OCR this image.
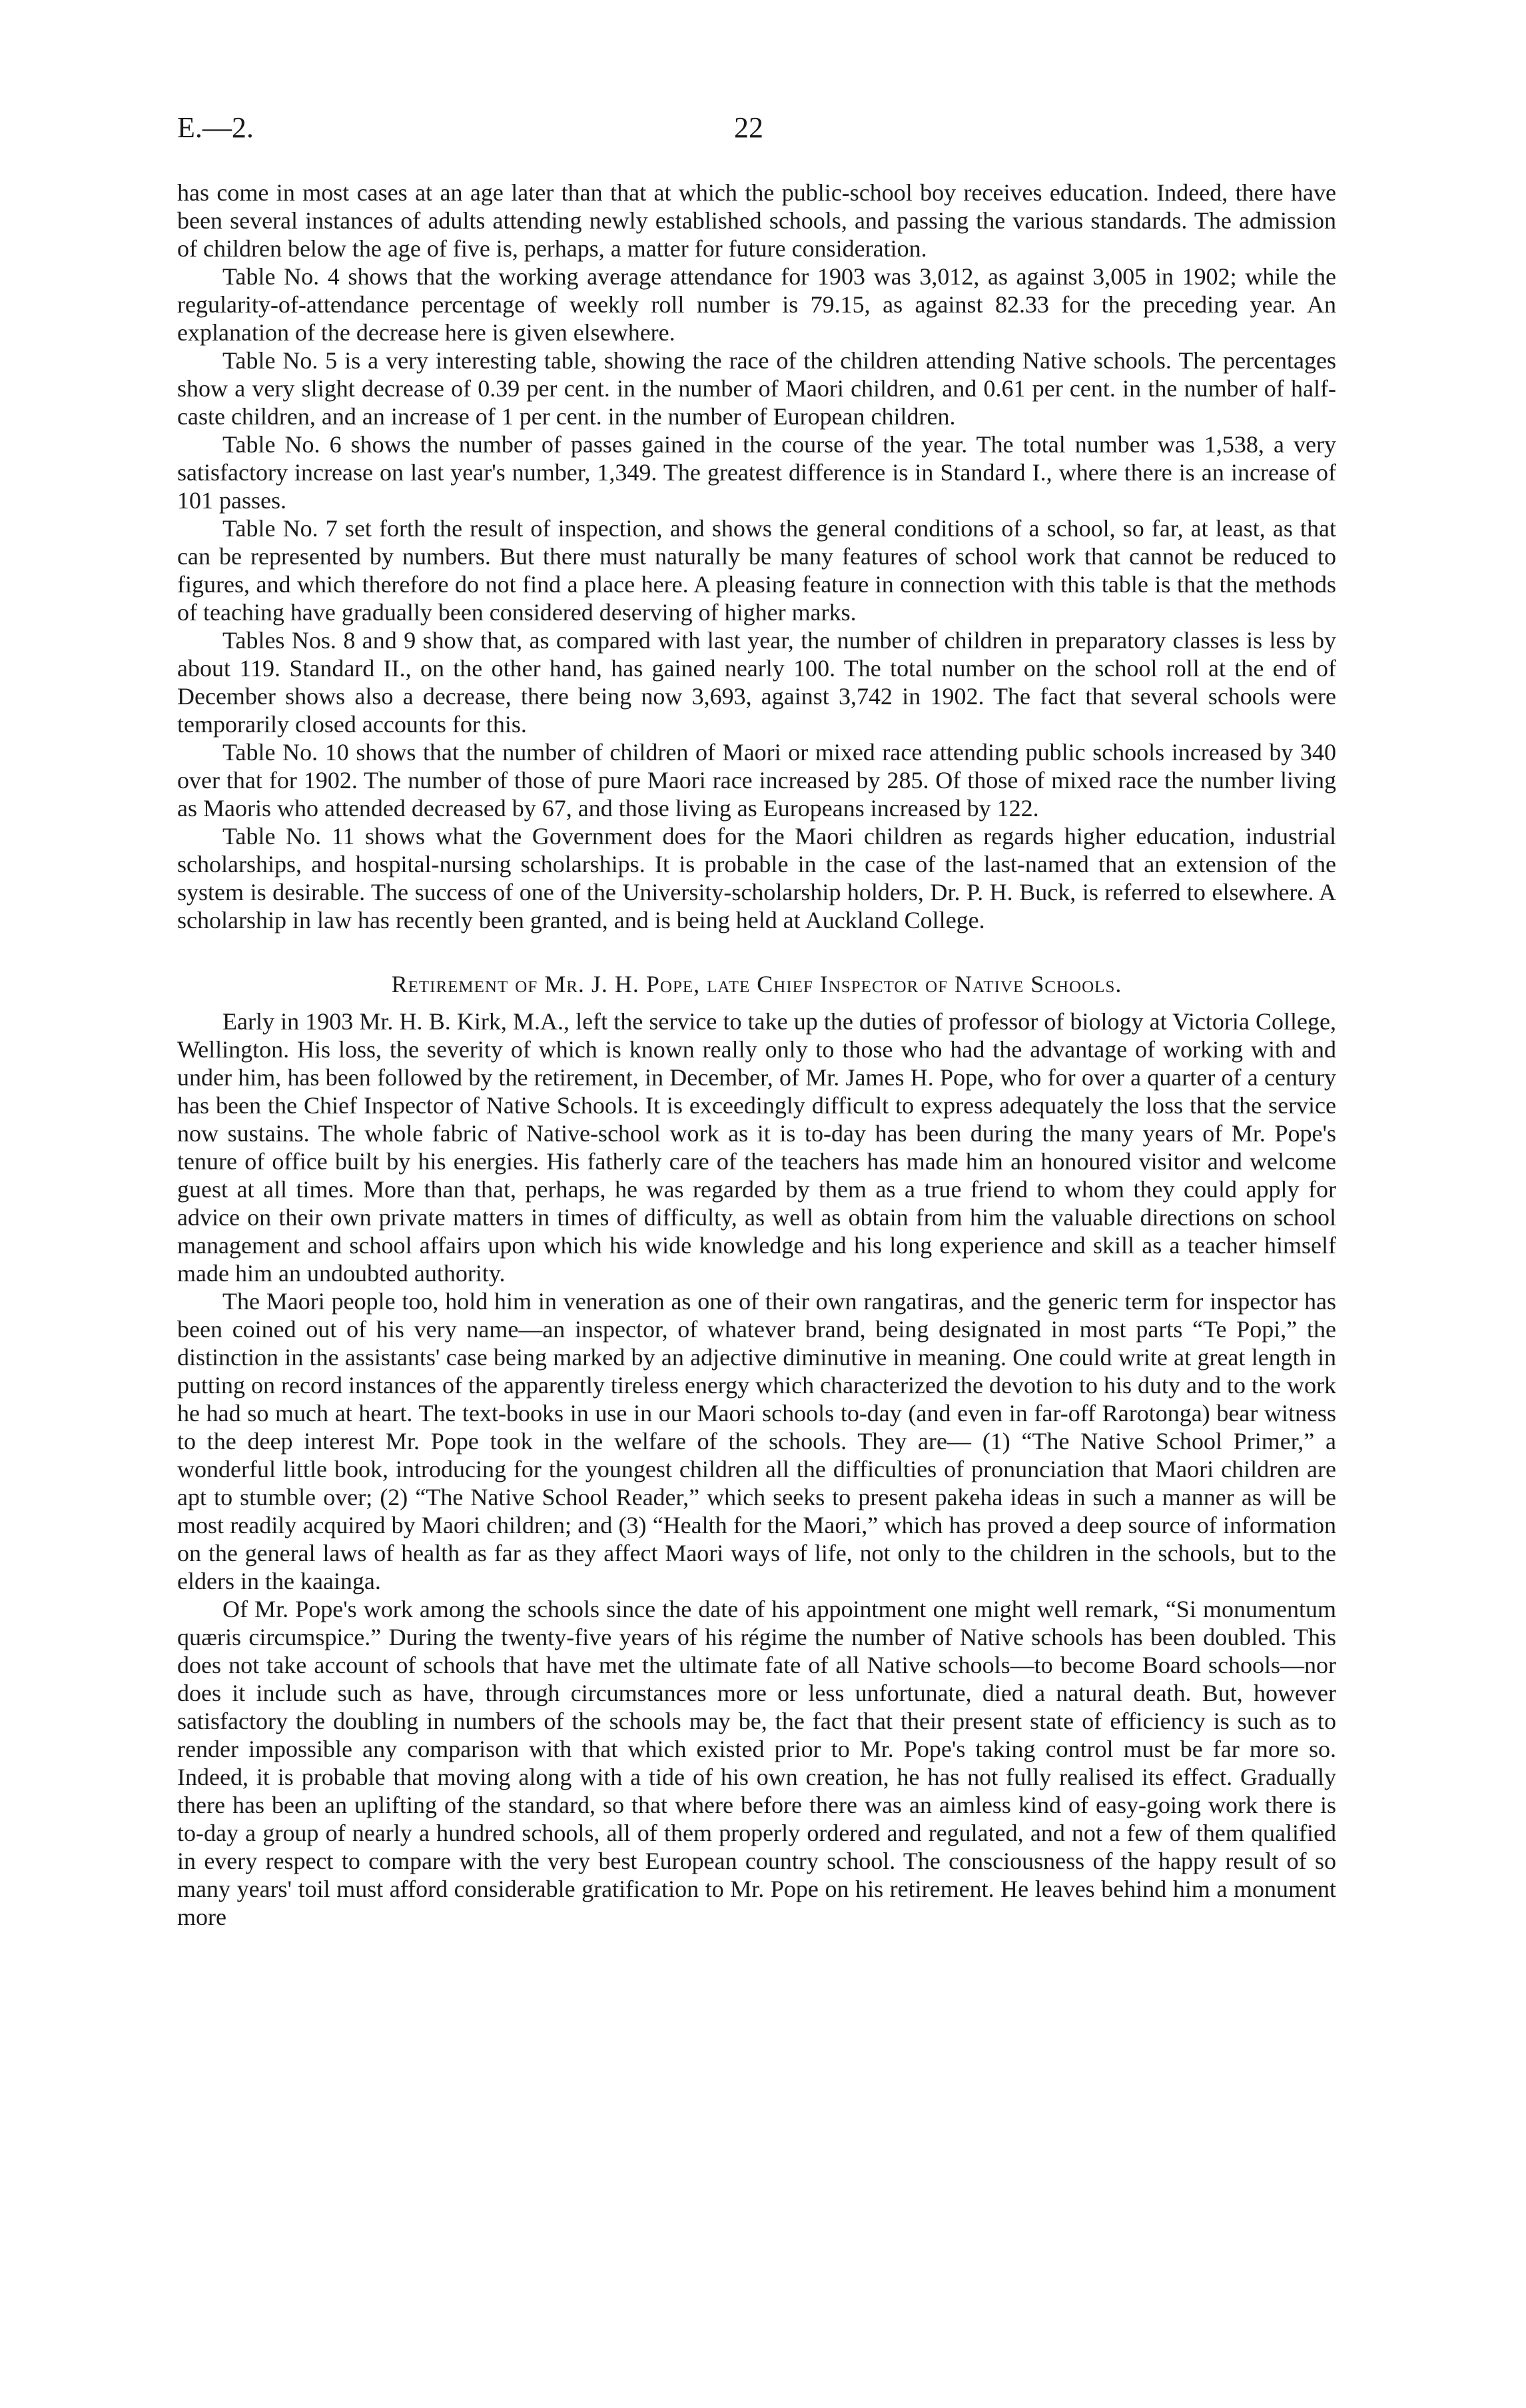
E.—2.	22

has come in most cases at an age later than that at which the public-school boy receives education. Indeed, there have been several instances of adults attending newly established schools, and passing the various standards. The admission of children below the age of five is, perhaps, a matter for future consideration.

Table No. 4 shows that the working average attendance for 1903 was 3,012, as against 3,005 in 1902; while the regularity-of-attendance percentage of weekly roll number is 79.15, as against 82.33 for the preceding year. An explanation of the decrease here is given elsewhere.

Table No. 5 is a very interesting table, showing the race of the children attending Native schools. The percentages show a very slight decrease of 0.39 per cent. in the number of Maori children, and 0.61 per cent. in the number of half-caste children, and an increase of 1 per cent. in the number of European children.

Table No. 6 shows the number of passes gained in the course of the year. The total number was 1,538, a very satisfactory increase on last year's number, 1,349. The greatest difference is in Standard I., where there is an increase of 101 passes.

Table No. 7 set forth the result of inspection, and shows the general conditions of a school, so far, at least, as that can be represented by numbers. But there must naturally be many features of school work that cannot be reduced to figures, and which therefore do not find a place here. A pleasing feature in connection with this table is that the methods of teaching have gradually been considered deserving of higher marks.

Tables Nos. 8 and 9 show that, as compared with last year, the number of children in preparatory classes is less by about 119. Standard II., on the other hand, has gained nearly 100. The total number on the school roll at the end of December shows also a decrease, there being now 3,693, against 3,742 in 1902. The fact that several schools were temporarily closed accounts for this.

Table No. 10 shows that the number of children of Maori or mixed race attending public schools increased by 340 over that for 1902. The number of those of pure Maori race increased by 285. Of those of mixed race the number living as Maoris who attended decreased by 67, and those living as Europeans increased by 122.

Table No. 11 shows what the Government does for the Maori children as regards higher education, industrial scholarships, and hospital-nursing scholarships. It is probable in the case of the last-named that an extension of the system is desirable. The success of one of the University-scholarship holders, Dr. P. H. Buck, is referred to elsewhere. A scholarship in law has recently been granted, and is being held at Auckland College.

Retirement of Mr. J. H. Pope, late Chief Inspector of Native Schools.

Early in 1903 Mr. H. B. Kirk, M.A., left the service to take up the duties of professor of biology at Victoria College, Wellington. His loss, the severity of which is known really only to those who had the advantage of working with and under him, has been followed by the retirement, in December, of Mr. James H. Pope, who for over a quarter of a century has been the Chief Inspector of Native Schools. It is exceedingly difficult to express adequately the loss that the service now sustains. The whole fabric of Native-school work as it is to-day has been during the many years of Mr. Pope's tenure of office built by his energies. His fatherly care of the teachers has made him an honoured visitor and welcome guest at all times. More than that, perhaps, he was regarded by them as a true friend to whom they could apply for advice on their own private matters in times of difficulty, as well as obtain from him the valuable directions on school management and school affairs upon which his wide knowledge and his long experience and skill as a teacher himself made him an undoubted authority.

The Maori people too, hold him in veneration as one of their own rangatiras, and the generic term for inspector has been coined out of his very name—an inspector, of whatever brand, being designated in most parts “Te Popi,” the distinction in the assistants' case being marked by an adjective diminutive in meaning. One could write at great length in putting on record instances of the apparently tireless energy which characterized the devotion to his duty and to the work he had so much at heart. The text-books in use in our Maori schools to-day (and even in far-off Rarotonga) bear witness to the deep interest Mr. Pope took in the welfare of the schools. They are— (1) “The Native School Primer,” a wonderful little book, introducing for the youngest children all the difficulties of pronunciation that Maori children are apt to stumble over; (2) “The Native School Reader,” which seeks to present pakeha ideas in such a manner as will be most readily acquired by Maori children; and (3) “Health for the Maori,” which has proved a deep source of information on the general laws of health as far as they affect Maori ways of life, not only to the children in the schools, but to the elders in the kaainga.

Of Mr. Pope's work among the schools since the date of his appointment one might well remark, “Si monumentum quæris circumspice.” During the twenty-five years of his régime the number of Native schools has been doubled. This does not take account of schools that have met the ultimate fate of all Native schools—to become Board schools—nor does it include such as have, through circumstances more or less unfortunate, died a natural death. But, however satisfactory the doubling in numbers of the schools may be, the fact that their present state of efficiency is such as to render impossible any comparison with that which existed prior to Mr. Pope's taking control must be far more so. Indeed, it is probable that moving along with a tide of his own creation, he has not fully realised its effect. Gradually there has been an uplifting of the standard, so that where before there was an aimless kind of easy-going work there is to-day a group of nearly a hundred schools, all of them properly ordered and regulated, and not a few of them qualified in every respect to compare with the very best European country school. The consciousness of the happy result of so many years' toil must afford considerable gratification to Mr. Pope on his retirement. He leaves behind him a monument more
